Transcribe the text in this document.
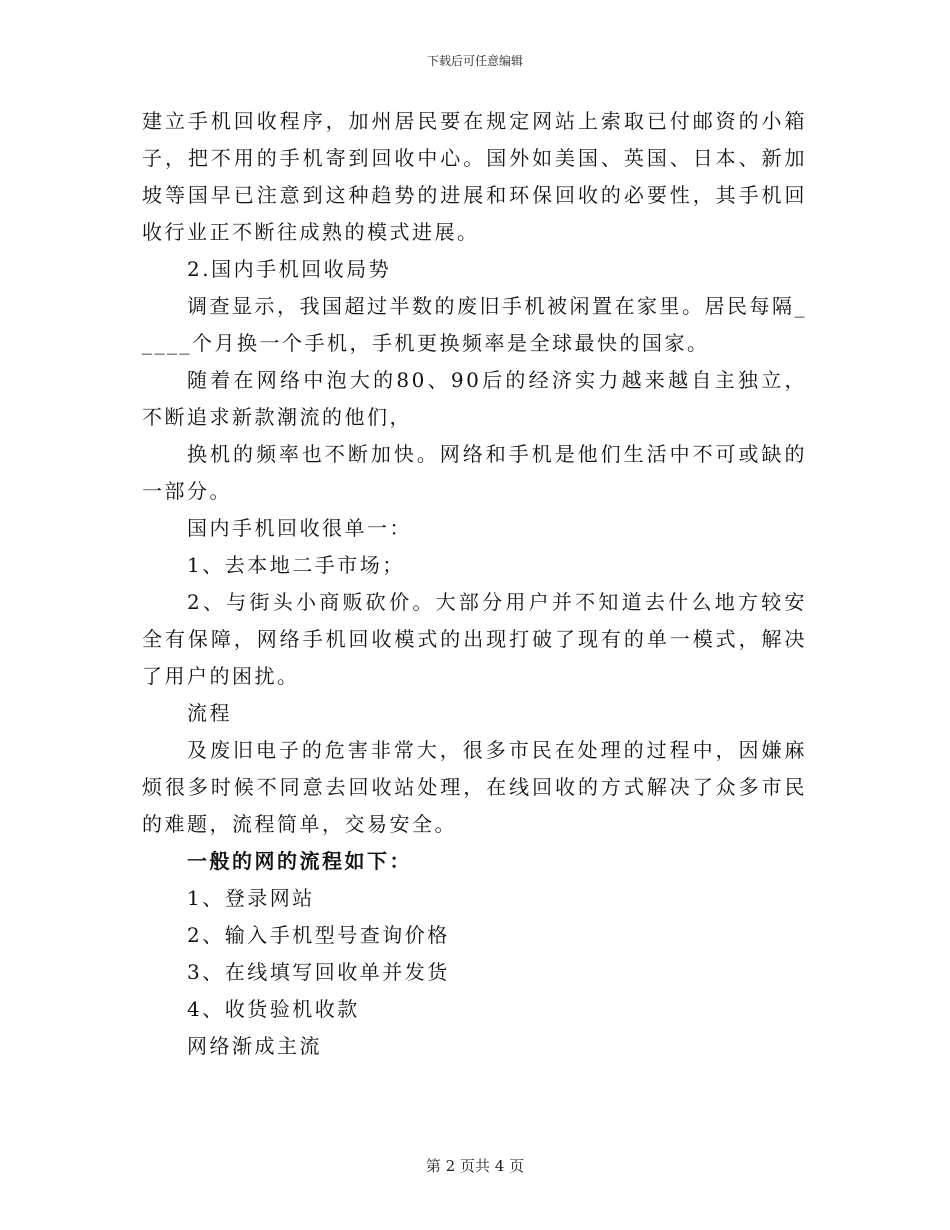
下载后可任意编辑

建立手机回收程序，加州居民要在规定网站上索取已付邮资的小箱子，把不用的手机寄到回收中心。国外如美国、英国、日本、新加坡等国早已注意到这种趋势的进展和环保回收的必要性，其手机回收行业正不断往成熟的模式进展。

2.国内手机回收局势

调查显示，我国超过半数的废旧手机被闲置在家里。居民每隔_____个月换一个手机，手机更换频率是全球最快的国家。

随着在网络中泡大的80、90后的经济实力越来越自主独立，不断追求新款潮流的他们，

换机的频率也不断加快。网络和手机是他们生活中不可或缺的一部分。

国内手机回收很单一：

1、去本地二手市场；

2、与街头小商贩砍价。大部分用户并不知道去什么地方较安全有保障，网络手机回收模式的出现打破了现有的单一模式，解决了用户的困扰。

流程

及废旧电子的危害非常大，很多市民在处理的过程中，因嫌麻烦很多时候不同意去回收站处理，在线回收的方式解决了众多市民的难题，流程简单，交易安全。

一般的网的流程如下：

1、登录网站

2、输入手机型号查询价格

3、在线填写回收单并发货

4、收货验机收款

网络渐成主流

第 2 页共 4 页
